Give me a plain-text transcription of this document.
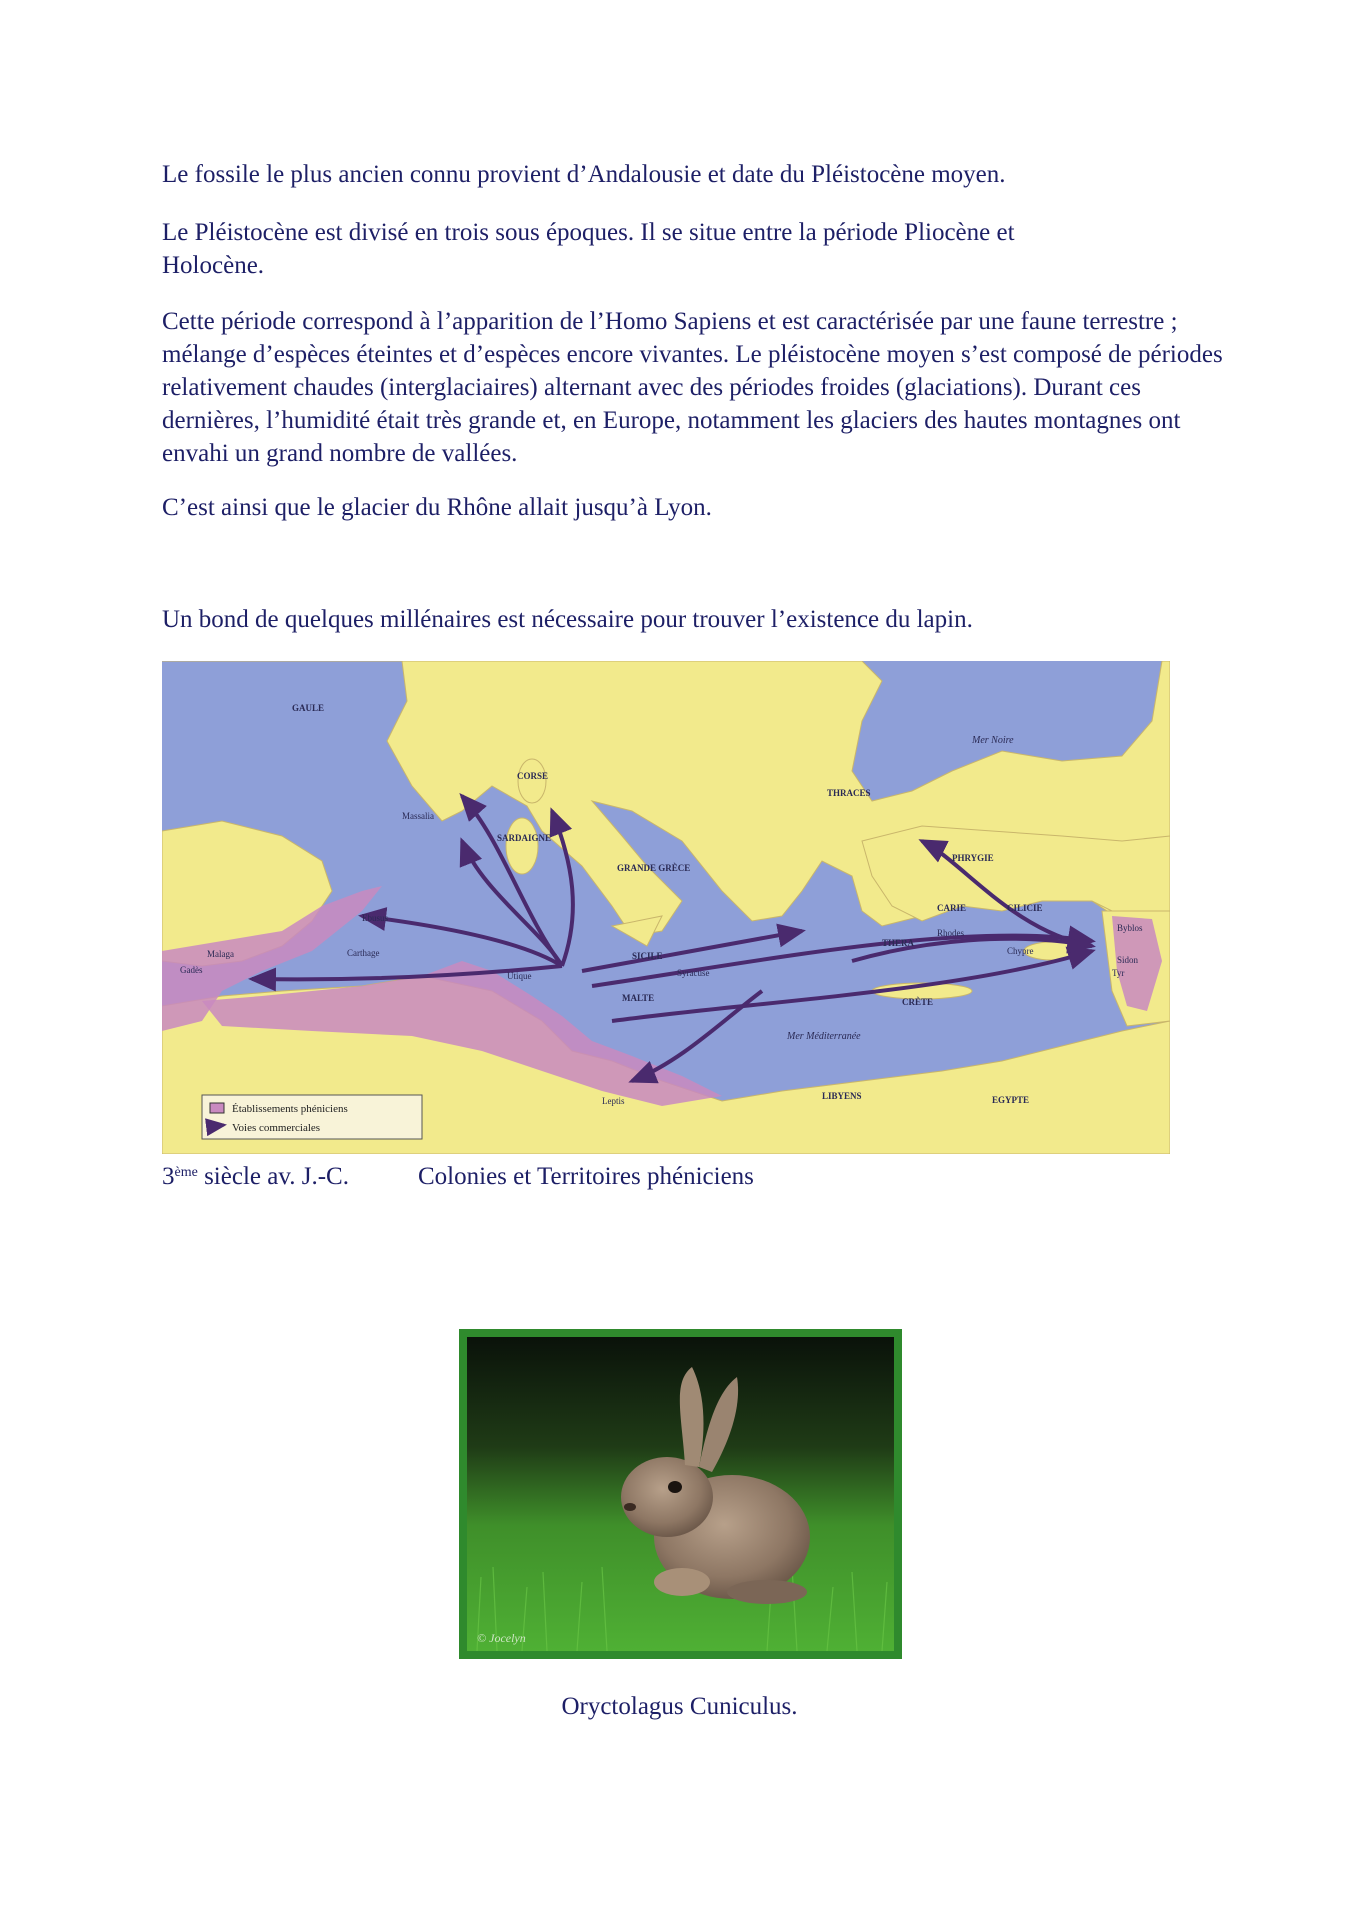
Le fossile le plus ancien connu provient d’Andalousie et date du Pléistocène moyen.

Le Pléistocène est divisé en trois sous époques. Il se situe entre la période Pliocène et Holocène.

Cette période correspond à l’apparition de l’Homo Sapiens et est caractérisée par une faune terrestre ; mélange d’espèces éteintes et d’espèces encore vivantes. Le pléistocène moyen s’est composé de périodes relativement chaudes (interglaciaires) alternant avec des périodes froides (glaciations). Durant ces dernières, l’humidité était très grande et, en Europe, notamment les glaciers des hautes montagnes ont envahi un grand nombre de vallées.

C’est ainsi que le glacier du Rhône allait jusqu’à Lyon.

Un bond de quelques millénaires est nécessaire pour trouver l’existence du lapin.

Établissements phéniciens
Voies commerciales
Mer Noire
Mer Méditerranée
GAULE
THRACES
CORSE
SARDAIGNE
GRANDE GRÈCE
SICILE
CRÈTE
EGYPTE
PHRYGIE
CARIE	CILICIE
LIBYENS
MALTE
THERA
Massalia
Carthage
Gadès
Malaga
Syracuse
Chypre
Tyr
Sidon
Byblos
Leptis
Ebusus
Utique
Rhodes
3ème siècle av. J.-C.	Colonies et Territoires phéniciens
© Jocelyn
Oryctolagus Cuniculus.
